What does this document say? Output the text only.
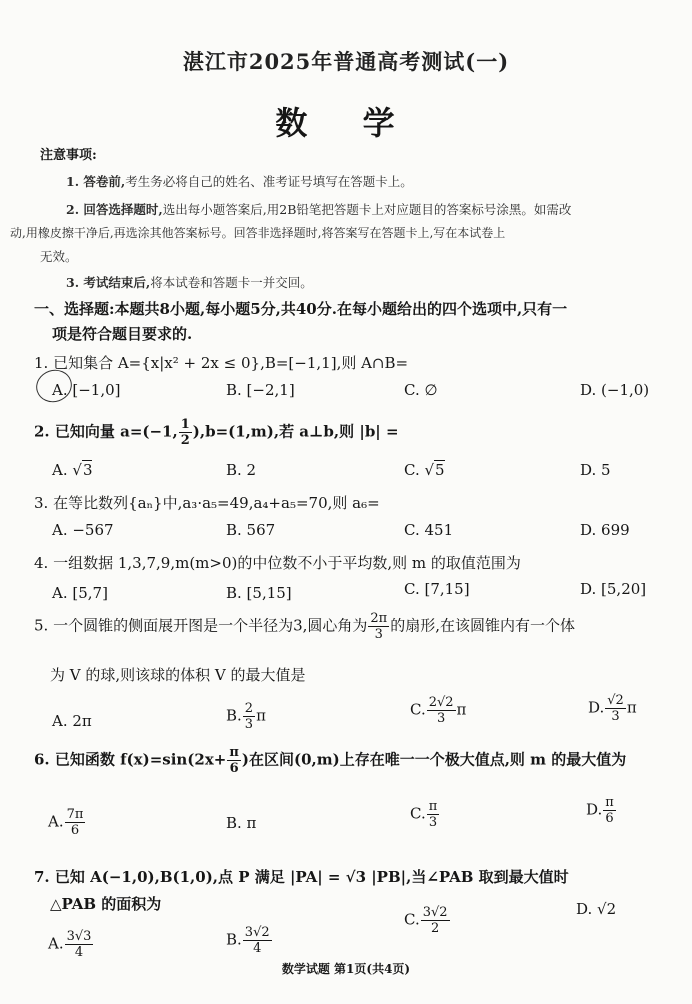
湛江市2025年普通高考测试(一)
数 学
注意事项:
1. 答卷前,考生务必将自己的姓名、准考证号填写在答题卡上。
2. 回答选择题时,选出每小题答案后,用2B铅笔把答题卡上对应题目的答案标号涂黑。如需改
动,用橡皮擦干净后,再选涂其他答案标号。回答非选择题时,将答案写在答题卡上,写在本试卷上
无效。
3. 考试结束后,将本试卷和答题卡一并交回。
一、选择题:本题共8小题,每小题5分,共40分.在每小题给出的四个选项中,只有一
项是符合题目要求的.
1. 已知集合 A={x|x² + 2x ≤ 0},B=[−1,1],则 A∩B=
A. [−1,0]	B. [−2,1]	C. ∅	D. (−1,0)
2. 已知向量 a=(−1, $\frac{1}{2} ),b=(1,m)$,若 a⊥b,则 |b| =
A. √3	B. 2	C. √5	D. 5
3. 在等比数列{aₙ}中,a₃·a₅=49,a₄+a₅=70,则 a₆=
A. −567	B. 567	C. 451	D. 699
4. 一组数据 1,3,7,9,m(m>0)的中位数不小于平均数,则 m 的取值范围为
A. [5,7]	B. [5,15]	C. [7,15]	D. [5,20]
5. 一个圆锥的侧面展开图是一个半径为3,圆心角为 $\frac{2\pi}{3}$ 的扇形,在该圆锥内有一个体
为 V 的球,则该球的体积 V 的最大值是
A. 2π	B. $\frac{2}{3}$ π	C. $\frac{2√2}{3}$ π	D. $\frac{√2}{3}$ π
6. 已知函数 $f(x)=\sin(2x+ \frac{\pi}{6}$ )在区间(0,m)上存在唯一一个极大值点,则 m 的最大值为
A. $\frac{7\pi}{6}$	B. π
C. $\frac{\pi}{3}$	D. $\frac{\pi}{6}$
7. 已知 A(−1,0),B(1,0),点 P 满足 |PA| = √3 |PB|,当∠PAB 取到最大值时
△PAB 的面积为
A. $\frac{3√3}{4}$	B. $\frac{3√2}{4}$
C. $\frac{3√2}{2}$	D. √2
数学试题 第1页(共4页)
